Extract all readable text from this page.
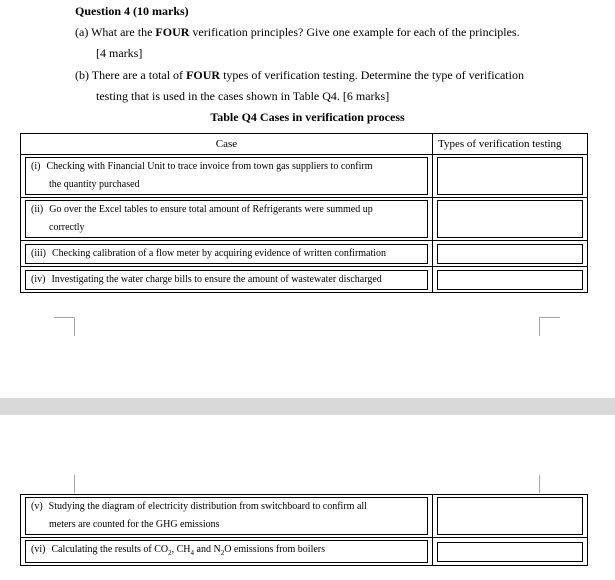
Question 4 (10 marks)
(a) What are the FOUR verification principles? Give one example for each of the principles.
[4 marks]
(b) There are a total of FOUR types of verification testing. Determine the type of verification
testing that is used in the cases shown in Table Q4. [6 marks]
Table Q4 Cases in verification process
Case	Types of verification testing

(i) Checking with Financial Unit to trace invoice from town gas suppliers to confirm
the quantity purchased	

(ii) Go over the Excel tables to ensure total amount of Refrigerants were summed up
correctly	

(iii) Checking calibration of a flow meter by acquiring evidence of written confirmation	

(iv) Investigating the water charge bills to ensure the amount of wastewater discharged	

(v) Studying the diagram of electricity distribution from switchboard to confirm all
meters are counted for the GHG emissions	

(vi) Calculating the results of $CO_2$, $CH_4$ and $N_2O$ emissions from boilers	
